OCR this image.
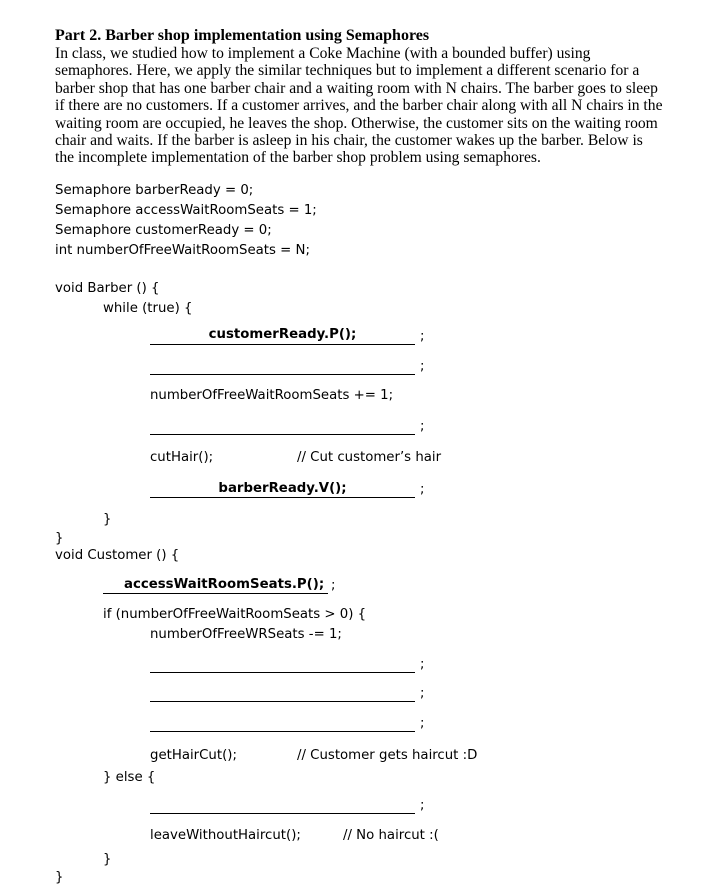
Part 2. Barber shop implementation using Semaphores
In class, we studied how to implement a Coke Machine (with a bounded buffer) using
semaphores. Here, we apply the similar techniques but to implement a different scenario for a
barber shop that has one barber chair and a waiting room with N chairs. The barber goes to sleep
if there are no customers. If a customer arrives, and the barber chair along with all N chairs in the
waiting room are occupied, he leaves the shop. Otherwise, the customer sits on the waiting room
chair and waits. If the barber is asleep in his chair, the customer wakes up the barber. Below is
the incomplete implementation of the barber shop problem using semaphores.
Semaphore barberReady = 0;
Semaphore accessWaitRoomSeats = 1;
Semaphore customerReady = 0;
int numberOfFreeWaitRoomSeats = N;
void Barber () {
while (true) {
customerReady.P();	;
;
numberOfFreeWaitRoomSeats += 1;
;
cutHair();	// Cut customer’s hair
barberReady.V();	;
}
}
void Customer () {
accessWaitRoomSeats.P(); ;
if (numberOfFreeWaitRoomSeats > 0) {
numberOfFreeWRSeats -= 1;
;
;
;
getHairCut();	// Customer gets haircut :D
} else {
;
leaveWithoutHaircut();	// No haircut :(
}
}
